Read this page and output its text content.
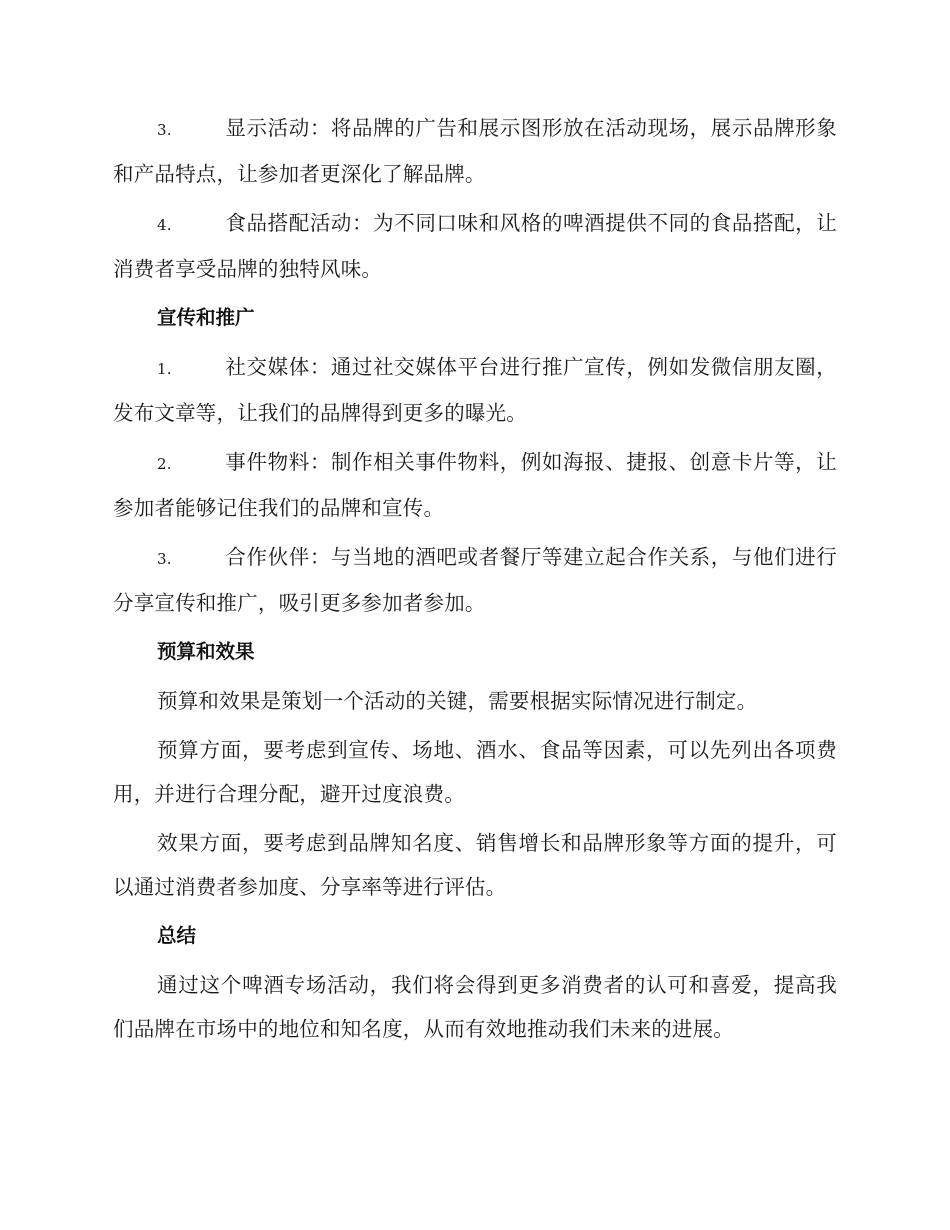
3.	显示活动：将品牌的广告和展示图形放在活动现场，展示品牌形象和产品特点，让参加者更深化了解品牌。
4.	食品搭配活动：为不同口味和风格的啤酒提供不同的食品搭配，让消费者享受品牌的独特风味。
宣传和推广
1.	社交媒体：通过社交媒体平台进行推广宣传，例如发微信朋友圈，发布文章等，让我们的品牌得到更多的曝光。
2.	事件物料：制作相关事件物料，例如海报、捷报、创意卡片等，让参加者能够记住我们的品牌和宣传。
3.	合作伙伴：与当地的酒吧或者餐厅等建立起合作关系，与他们进行分享宣传和推广，吸引更多参加者参加。
预算和效果

预算和效果是策划一个活动的关键，需要根据实际情况进行制定。

预算方面，要考虑到宣传、场地、酒水、食品等因素，可以先列出各项费用，并进行合理分配，避开过度浪费。

效果方面，要考虑到品牌知名度、销售增长和品牌形象等方面的提升，可以通过消费者参加度、分享率等进行评估。

总结

通过这个啤酒专场活动，我们将会得到更多消费者的认可和喜爱，提高我们品牌在市场中的地位和知名度，从而有效地推动我们未来的进展。
